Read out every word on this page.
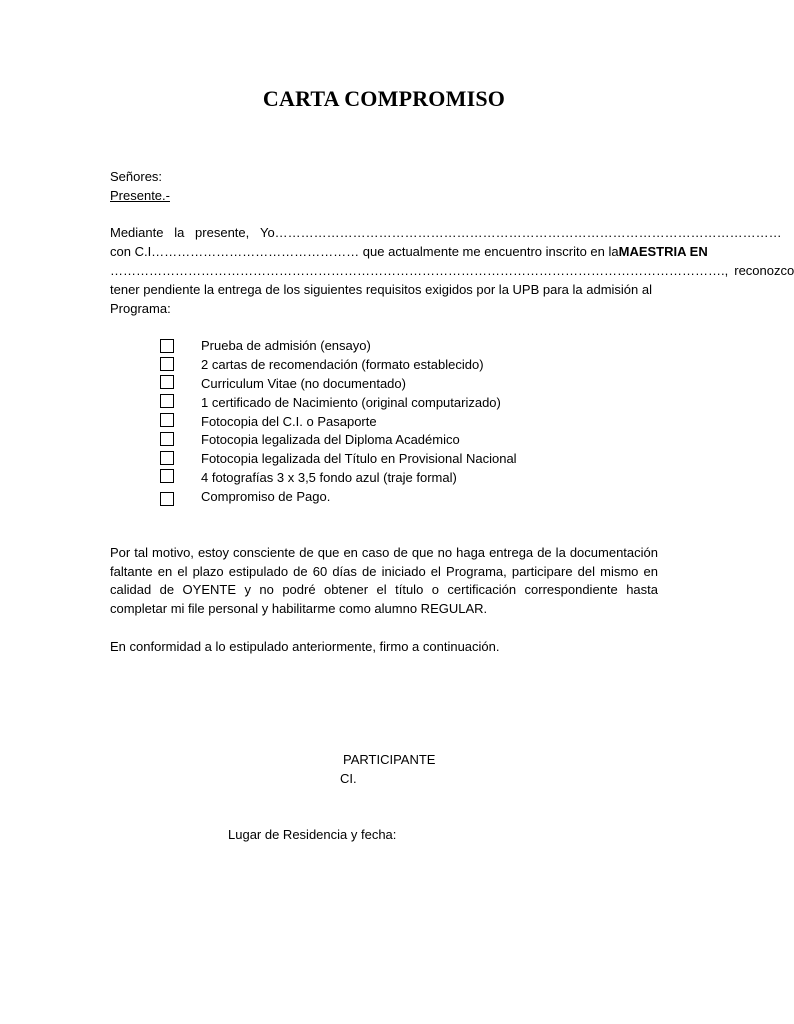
CARTA COMPROMISO
Señores:
Presente.-
Mediante la presente, Yo………………………………………………………………………………………………………
con C.I………………………………………… que actualmente me encuentro inscrito en la MAESTRIA EN
……………………………………………………………………………………………………………………………., reconozco
tener pendiente la entrega de los siguientes requisitos exigidos por la UPB para la admisión al
Programa:
Prueba de admisión (ensayo)
2 cartas de recomendación (formato establecido)
Curriculum Vitae (no documentado)
1 certificado de Nacimiento (original computarizado)
Fotocopia del C.I. o Pasaporte
Fotocopia legalizada del Diploma Académico
Fotocopia legalizada del Título en Provisional Nacional
4 fotografías 3 x 3,5 fondo azul (traje formal)
Compromiso de Pago.
Por tal motivo, estoy consciente de que en caso de que no haga entrega de la documentación
faltante en el plazo estipulado de 60 días de iniciado el Programa, participare del mismo en
calidad de OYENTE y no podré obtener el título o certificación correspondiente hasta
completar mi file personal y habilitarme como alumno REGULAR.
En conformidad a lo estipulado anteriormente, firmo a continuación.
PARTICIPANTE
CI.
Lugar de Residencia y fecha:
